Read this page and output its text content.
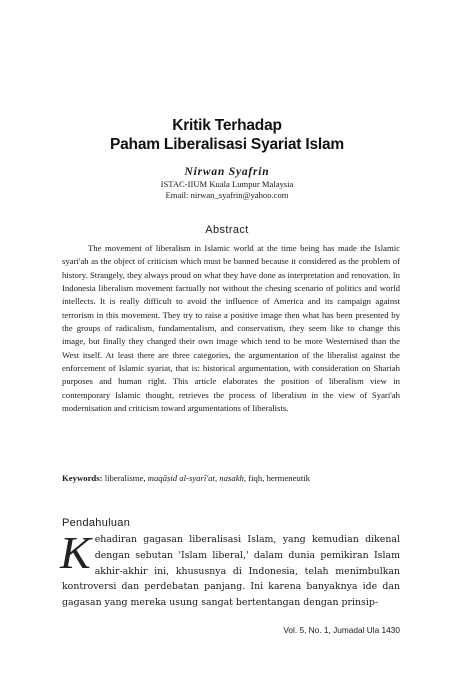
Kritik Terhadap
Paham Liberalisasi Syariat Islam
Nirwan Syafrin
ISTAC-IIUM Kuala Lumpur Malaysia
Email: nirwan_syafrin@yahoo.com
Abstract

The movement of liberalism in Islamic world at the time being has made the Islamic syari'ah as the object of criticism which must be banned because it considered as the problem of history. Strangely, they always proud on what they have done as interpretation and renovation. In Indonesia liberalism movement factually not without the chesing scenario of politics and world intellects. It is really difficult to avoid the influence of America and its campaign against terrorism in this movement. They try to raise a positive image then what has been presented by the groups of radicalism, fundamentalism, and conservatism, they seem like to change this image, but finally they changed their own image which tend to be more Westernised than the West itself. At least there are three categories, the argumentation of the liberalist against the enforcement of Islamic syariat, that is: historical argumentation, with consideration on Shariah purposes and human right. This article elaborates the position of liberalism view in contemporary Islamic thought, retrieves the process of liberalism in the view of Syari'ah modernisation and criticism toward argumentations of liberalists.

Keywords: liberalisme, maqāṣid al-syarī'at, nasakh, fiqh, hermeneutik
Pendahuluan

Kehadiran gagasan liberalisasi Islam, yang kemudian dikenal dengan sebutan 'Islam liberal,' dalam dunia pemikiran Islam akhir-akhir ini, khususnya di Indonesia, telah menimbulkan kontroversi dan perdebatan panjang. Ini karena banyaknya ide dan gagasan yang mereka usung sangat bertentangan dengan prinsip-

Vol. 5, No. 1, Jumadal Ula 1430
